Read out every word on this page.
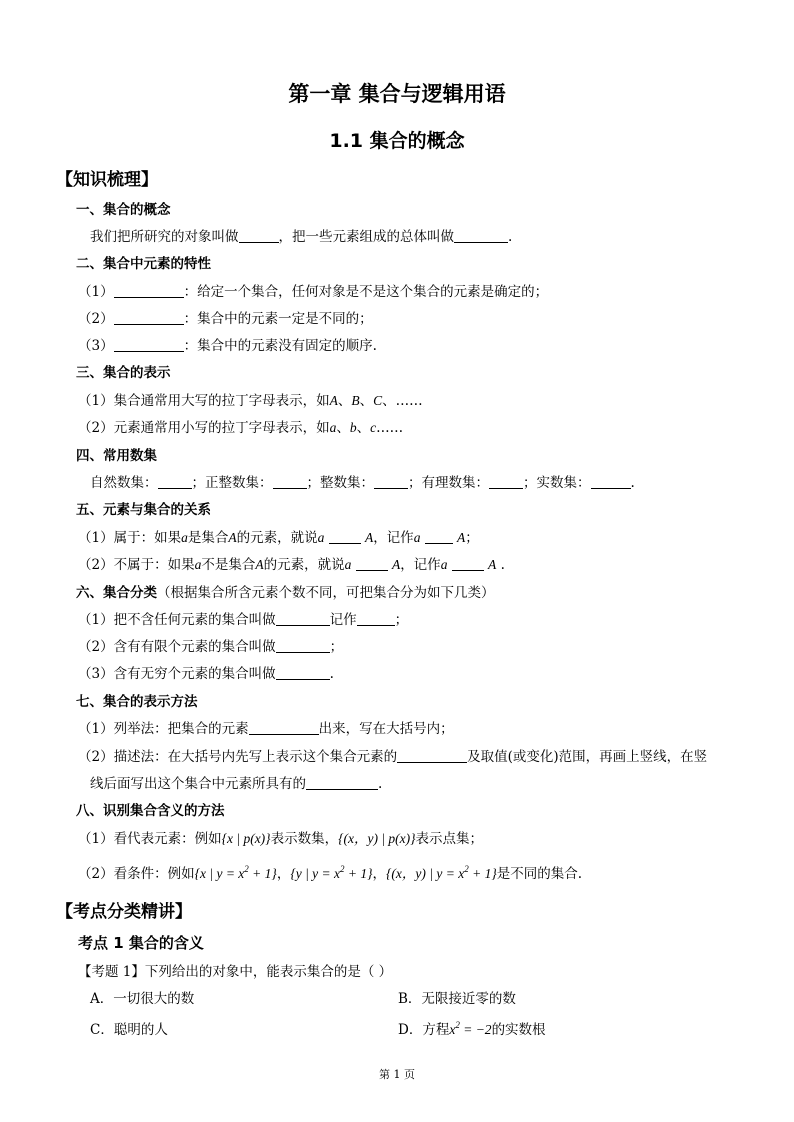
第一章 集合与逻辑用语
1.1 集合的概念
【知识梳理】
一、集合的概念
我们把所研究的对象叫做	，把一些元素组成的总体叫做	.
二、集合中元素的特性
（1）	：给定一个集合，任何对象是不是这个集合的元素是确定的；
（2）	：集合中的元素一定是不同的；
（3）	：集合中的元素没有固定的顺序.
三、集合的表示
（1）集合通常用大写的拉丁字母表示，如A、B、C、……
（2）元素通常用小写的拉丁字母表示，如a、b、c……
四、常用数集
自然数集：	；正整数集：	；整数集：	；有理数集：	；实数集：	.
五、元素与集合的关系
（1）属于：如果a是集合A的元素，就说a	A，记作a	A；
（2）不属于：如果a不是集合A的元素，就说a	A，记作a	A .
六、集合分类（根据集合所含元素个数不同，可把集合分为如下几类）
（1）把不含任何元素的集合叫做	记作	；
（2）含有有限个元素的集合叫做	；
（3）含有无穷个元素的集合叫做	.
七、集合的表示方法
（1）列举法：把集合的元素	出来，写在大括号内；
（2）描述法：在大括号内先写上表示这个集合元素的	及取值(或变化)范围，再画上竖线，在竖
线后面写出这个集合中元素所具有的	.
八、识别集合含义的方法
（1）看代表元素：例如{x | p(x)}表示数集，{(x，y) | p(x)}表示点集；
（2）看条件：例如{x | $y = x^2 + 1$}，{y | $y = x^2 + 1$}，{(x，y) | $y = x^2 + 1$}是不同的集合.
【考点分类精讲】
考点 1 集合的含义
【考题 1】下列给出的对象中，能表示集合的是（ ）
A．一切很大的数	B．无限接近零的数
C．聪明的人	D．方程$x^2 = -2$的实数根
第 1 页
